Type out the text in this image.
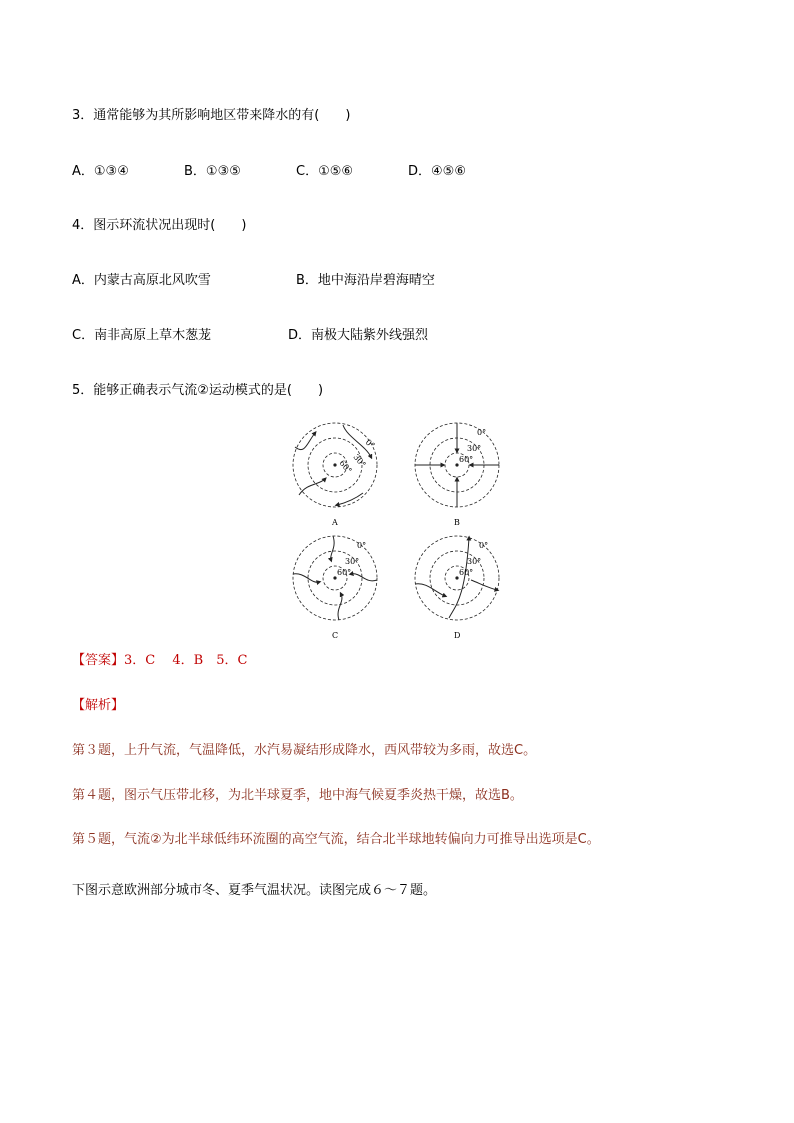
3．通常能够为其所影响地区带来降水的有(　　)
A．①③④	B．①③⑤	C．①⑤⑥	D．④⑤⑥
4．图示环流状况出现时(　　)
A．内蒙古高原北风吹雪	B．地中海沿岸碧海晴空
C．南非高原上草木葱茏	D．南极大陆紫外线强烈
5．能够正确表示气流②运动模式的是(　　)
0°
30°
60°
A
0°
30°
60°
B
0°
30°
60°
C
0°
30°
60°
D
【答案】3．C　 4．B　5．C
【解析】
第３题，上升气流，气温降低，水汽易凝结形成降水，西风带较为多雨，故选C。
第４题，图示气压带北移，为北半球夏季，地中海气候夏季炎热干燥，故选B。
第５题，气流②为北半球低纬环流圈的高空气流，结合北半球地转偏向力可推导出选项是C。
下图示意欧洲部分城市冬、夏季气温状况。读图完成６～７题。
